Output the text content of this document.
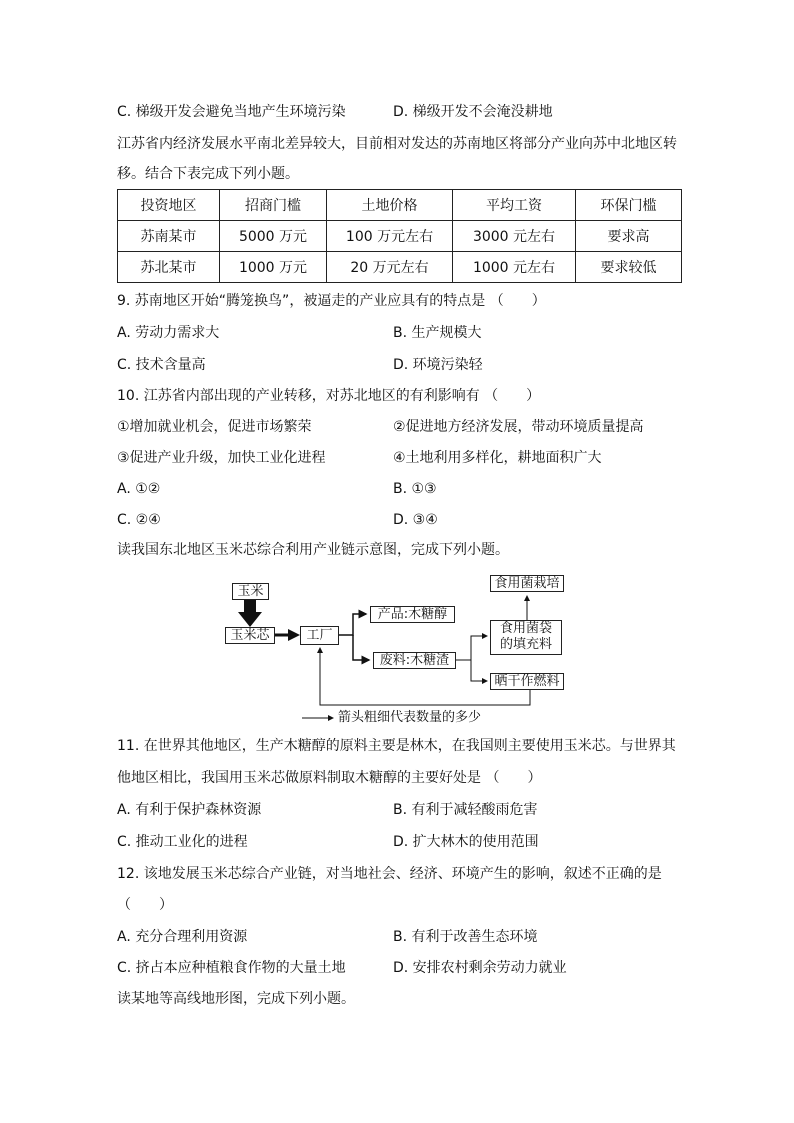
C. 梯级开发会避免当地产生环境污染	D. 梯级开发不会淹没耕地
江苏省内经济发展水平南北差异较大，目前相对发达的苏南地区将部分产业向苏中北地区转
移。结合下表完成下列小题。
投资地区	招商门槛	土地价格	平均工资	环保门槛
苏南某市	5000 万元	100 万元左右	3000 元左右	要求高
苏北某市	1000 万元	20 万元左右	1000 元左右	要求较低
9. 苏南地区开始“腾笼换鸟”，被逼走的产业应具有的特点是 （　　）
A. 劳动力需求大	B. 生产规模大
C. 技术含量高	D. 环境污染轻
10. 江苏省内部出现的产业转移，对苏北地区的有利影响有 （　　）
①增加就业机会，促进市场繁荣	②促进地方经济发展，带动环境质量提高
③促进产业升级，加快工业化进程	④土地利用多样化，耕地面积广大
A. ①②	B. ①③
C. ②④	D. ③④
读我国东北地区玉米芯综合利用产业链示意图，完成下列小题。
玉米
玉米芯	工厂
产品:木糖醇
废料:木糖渣
食用菌栽培
食用菌袋
的填充料
晒干作燃料
箭头粗细代表数量的多少
11. 在世界其他地区，生产木糖醇的原料主要是林木，在我国则主要使用玉米芯。与世界其
他地区相比，我国用玉米芯做原料制取木糖醇的主要好处是 （　　）
A. 有利于保护森林资源	B. 有利于减轻酸雨危害
C. 推动工业化的进程	D. 扩大林木的使用范围
12. 该地发展玉米芯综合产业链，对当地社会、经济、环境产生的影响，叙述不正确的是
（　　）
A. 充分合理利用资源	B. 有利于改善生态环境
C. 挤占本应种植粮食作物的大量土地	D. 安排农村剩余劳动力就业
读某地等高线地形图，完成下列小题。
